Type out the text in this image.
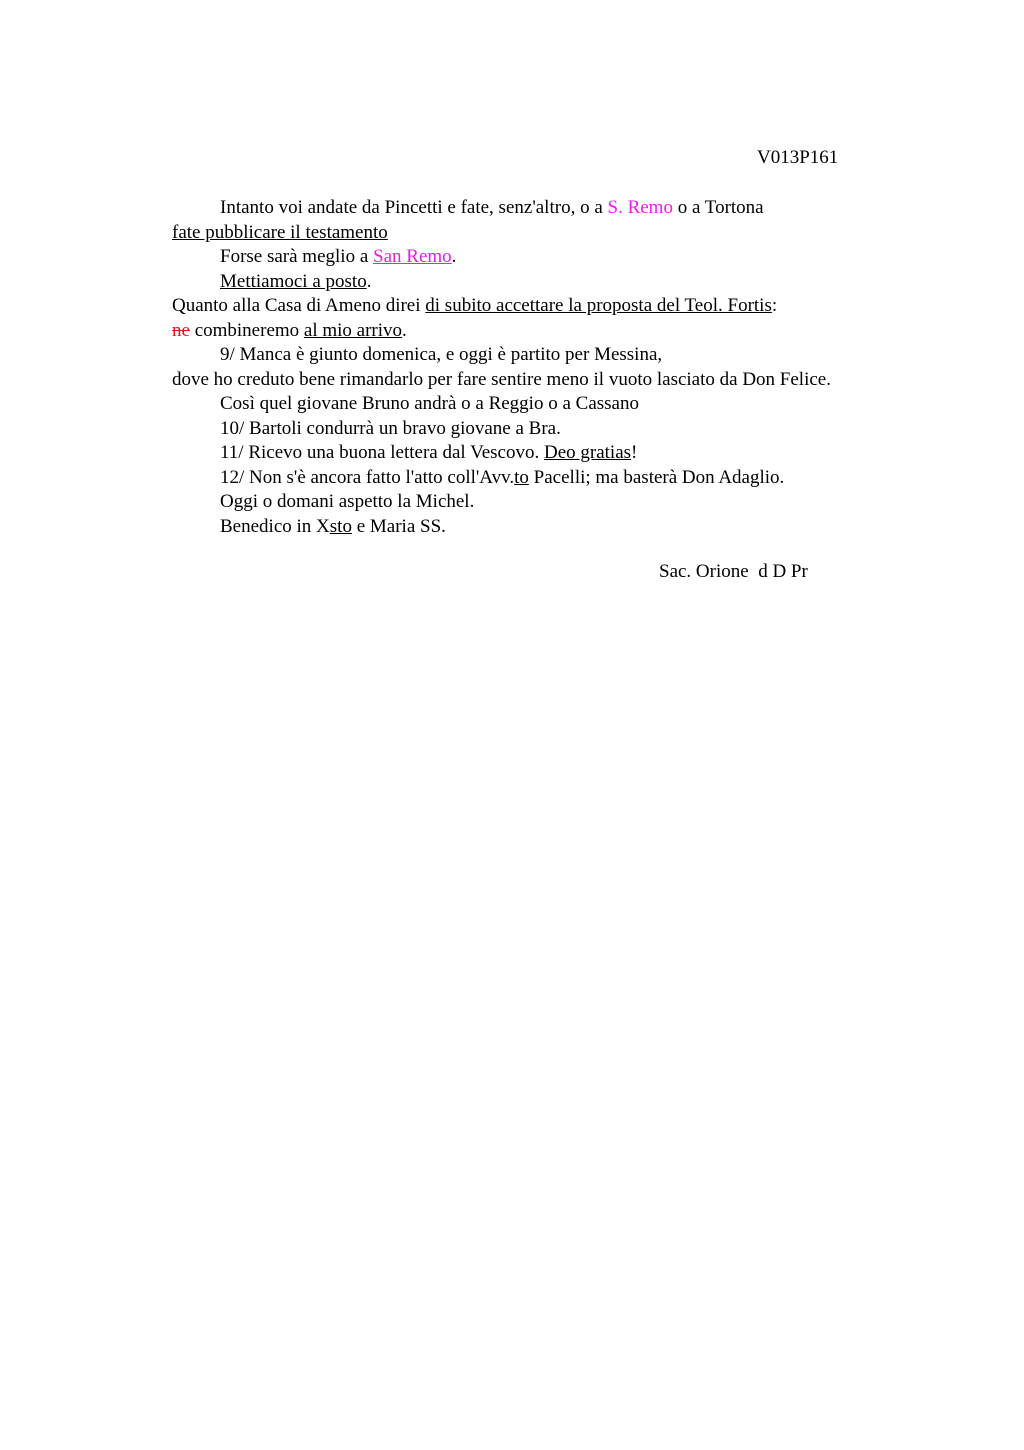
V013P161
Intanto voi andate da Pincetti e fate, senz'altro, o a S. Remo o a Tortona
fate pubblicare il testamento
Forse sarà meglio a San Remo.
Mettiamoci a posto.
Quanto alla Casa di Ameno direi di subito accettare la proposta del Teol. Fortis:
ne combineremo al mio arrivo.
9/ Manca è giunto domenica, e oggi è partito per Messina,
dove ho creduto bene rimandarlo per fare sentire meno il vuoto lasciato da Don Felice.
Così quel giovane Bruno andrà o a Reggio o a Cassano
10/ Bartoli condurrà un bravo giovane a Bra.
11/ Ricevo una buona lettera dal Vescovo. Deo gratias!
12/ Non s'è ancora fatto l'atto coll'Avv.to Pacelli; ma basterà Don Adaglio.
Oggi o domani aspetto la Michel.
Benedico in Xsto e Maria SS.
Sac. Orione  d D Pr
